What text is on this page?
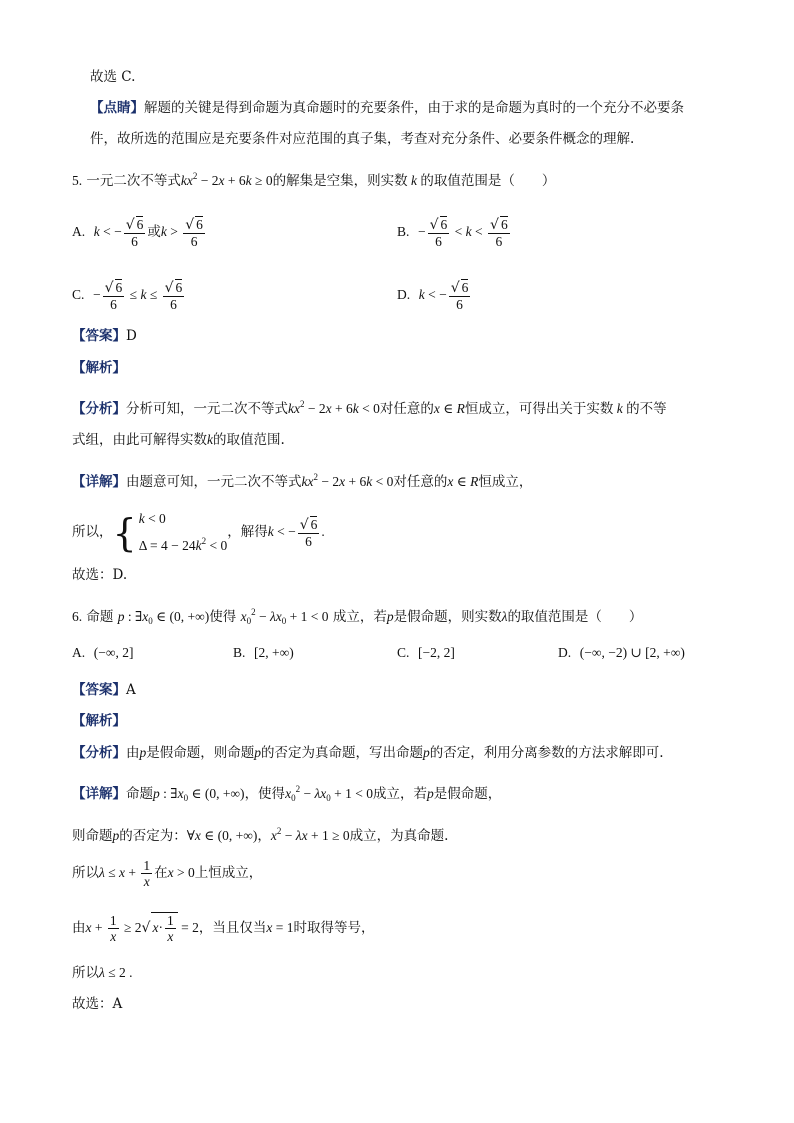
故选 C.
【点睛】解题的关键是得到命题为真命题时的充要条件，由于求的是命题为真时的一个充分不必要条
件，故所选的范围应是充要条件对应范围的真子集，考查对充分条件、必要条件概念的理解.
5. 一元二次不等式$kx^2 - 2x + 6k \ge 0$的解集是空集，则实数 k 的取值范围是（　　）
A. k < − $\frac{√ 6}{6}$ 或$k > \frac{√ 6}{6}$	B. − $\frac{√ 6}{6} < k < \frac{√ 6}{6}$
C. − $\frac{√ 6}{6} \le k \le \frac{√ 6}{6}$	D. k < − $\frac{√ 6}{6}$
【答案】D
【解析】
【分析】分析可知，一元二次不等式$kx^2 - 2x + 6k < 0$对任意的x ∈ R恒成立，可得出关于实数 k 的不等
式组，由此可解得实数k的取值范围.
【详解】由题意可知，一元二次不等式$kx^2 - 2x + 6k < 0$对任意的x ∈ R恒成立，
所以， { k < 0
$\Delta = 4 - 24k^2 < 0$
，解得k < − $\frac{√ 6}{6}$ .
故选：D.
6. 命题 p : $\exists x_0$ ∈ (0, +∞)使得 $x_0^2 - \lambda x_0 + 1 < 0$ 成立，若p是假命题，则实数λ的取值范围是（　　）
A. (−∞, 2]	B. [2, +∞)	C. [−2, 2]	D. (−∞, −2) ∪ [2, +∞)
【答案】A
【解析】
【分析】由p是假命题，则命题p的否定为真命题，写出命题p的否定，利用分离参数的方法求解即可.
【详解】命题p : $\exists x_0$ ∈ (0, +∞)，使得$x_0^2 - \lambda x_0 + 1 < 0$成立，若p是假命题，
则命题p的否定为：∀x ∈ (0, +∞)，$x^2 - \lambda x + 1 \ge 0$成立，为真命题.
所以$\lambda \le x + \frac{1}{x}$ 在x > 0上恒成立，
由$x + \frac{1}{x} \ge 2√$ $x\cdot \frac{1}{x} = 2$，当且仅当x = 1时取得等号，
所以λ ≤ 2 .
故选：A
